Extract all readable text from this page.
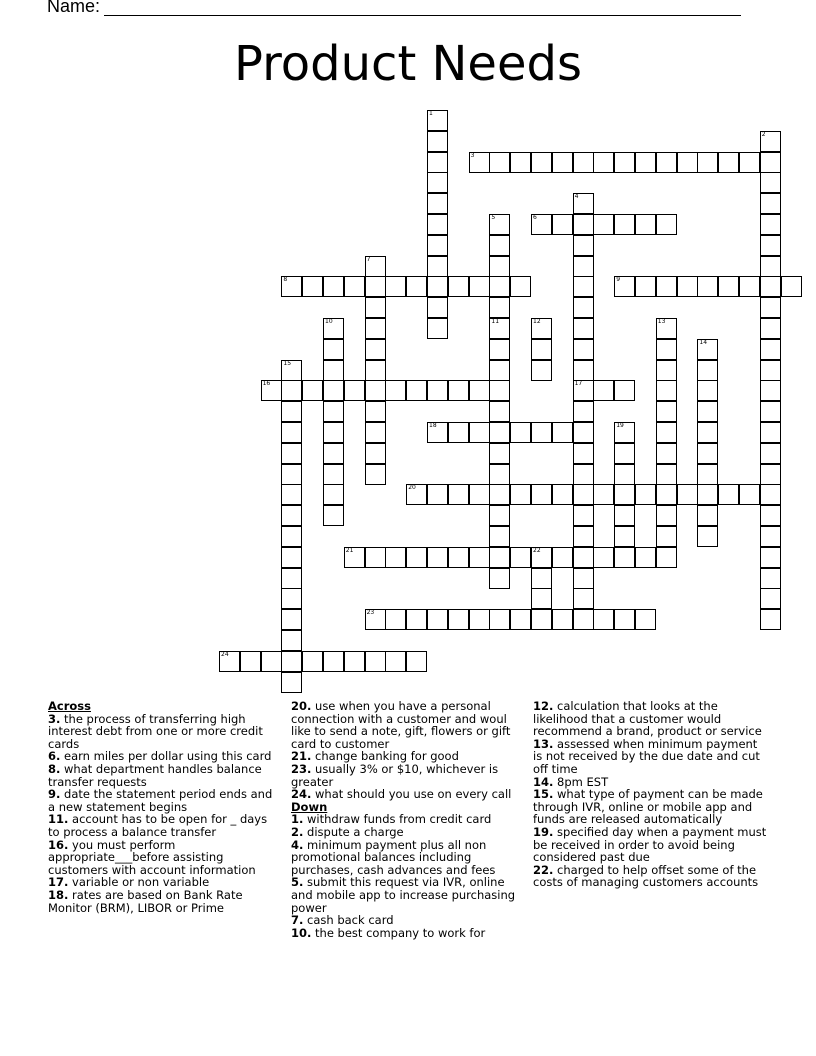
Name:
Product Needs
1
2
3
4
5	6
7
8	9
10	11	12	13
14
15
16	17
18	19
20
21	22
23
24
Across
3. the process of transferring high interest debt from one or more credit cards
6. earn miles per dollar using this card
8. what department handles balance transfer requests
9. date the statement period ends and a new statement begins
11. account has to be open for _ days to process a balance transfer
16. you must perform appropriate___before assisting customers with account information
17. variable or non variable
18. rates are based on Bank Rate Monitor (BRM), LIBOR or Prime
20. use when you have a personal connection with a customer and woul like to send a note, gift, flowers or gift card to customer
21. change banking for good
23. usually 3% or $10, whichever is greater
24. what should you use on every call
Down
1. withdraw funds from credit card
2. dispute a charge
4. minimum payment plus all non promotional balances including purchases, cash advances and fees
5. submit this request via IVR, online and mobile app to increase purchasing power
7. cash back card
10. the best company to work for
12. calculation that looks at the likelihood that a customer would recommend a brand, product or service
13. assessed when minimum payment is not received by the due date and cut off time
14. 8pm EST
15. what type of payment can be made through IVR, online or mobile app and funds are released automatically
19. specified day when a payment must be received in order to avoid being considered past due
22. charged to help offset some of the costs of managing customers accounts
